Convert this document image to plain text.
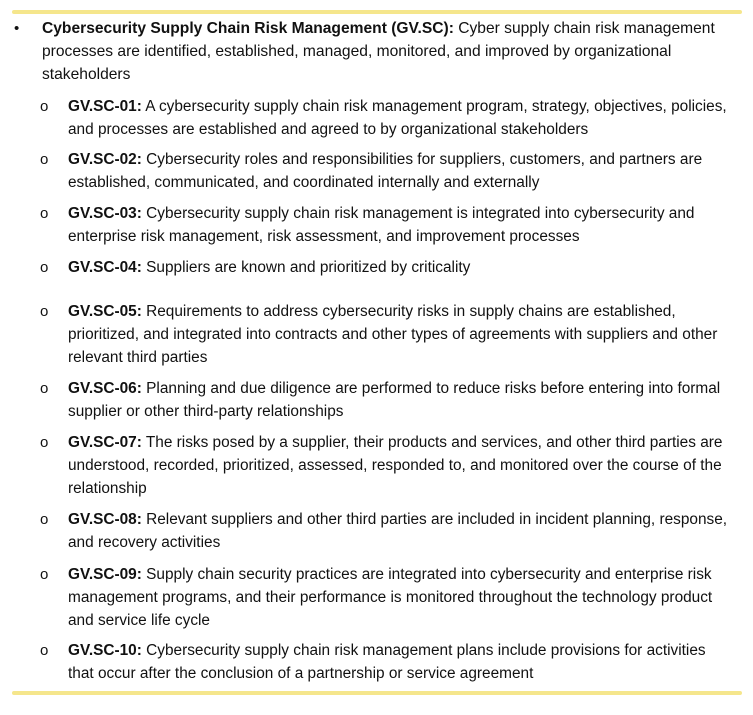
• Cybersecurity Supply Chain Risk Management (GV.SC): Cyber supply chain risk management processes are identified, established, managed, monitored, and improved by organizational stakeholders
o GV.SC-01: A cybersecurity supply chain risk management program, strategy, objectives, policies, and processes are established and agreed to by organizational stakeholders
o GV.SC-02: Cybersecurity roles and responsibilities for suppliers, customers, and partners are established, communicated, and coordinated internally and externally
o GV.SC-03: Cybersecurity supply chain risk management is integrated into cybersecurity and enterprise risk management, risk assessment, and improvement processes
o GV.SC-04: Suppliers are known and prioritized by criticality
o GV.SC-05: Requirements to address cybersecurity risks in supply chains are established, prioritized, and integrated into contracts and other types of agreements with suppliers and other relevant third parties
o GV.SC-06: Planning and due diligence are performed to reduce risks before entering into formal supplier or other third-party relationships
o GV.SC-07: The risks posed by a supplier, their products and services, and other third parties are understood, recorded, prioritized, assessed, responded to, and monitored over the course of the relationship
o GV.SC-08: Relevant suppliers and other third parties are included in incident planning, response, and recovery activities
o GV.SC-09: Supply chain security practices are integrated into cybersecurity and enterprise risk management programs, and their performance is monitored throughout the technology product and service life cycle
o GV.SC-10: Cybersecurity supply chain risk management plans include provisions for activities that occur after the conclusion of a partnership or service agreement
